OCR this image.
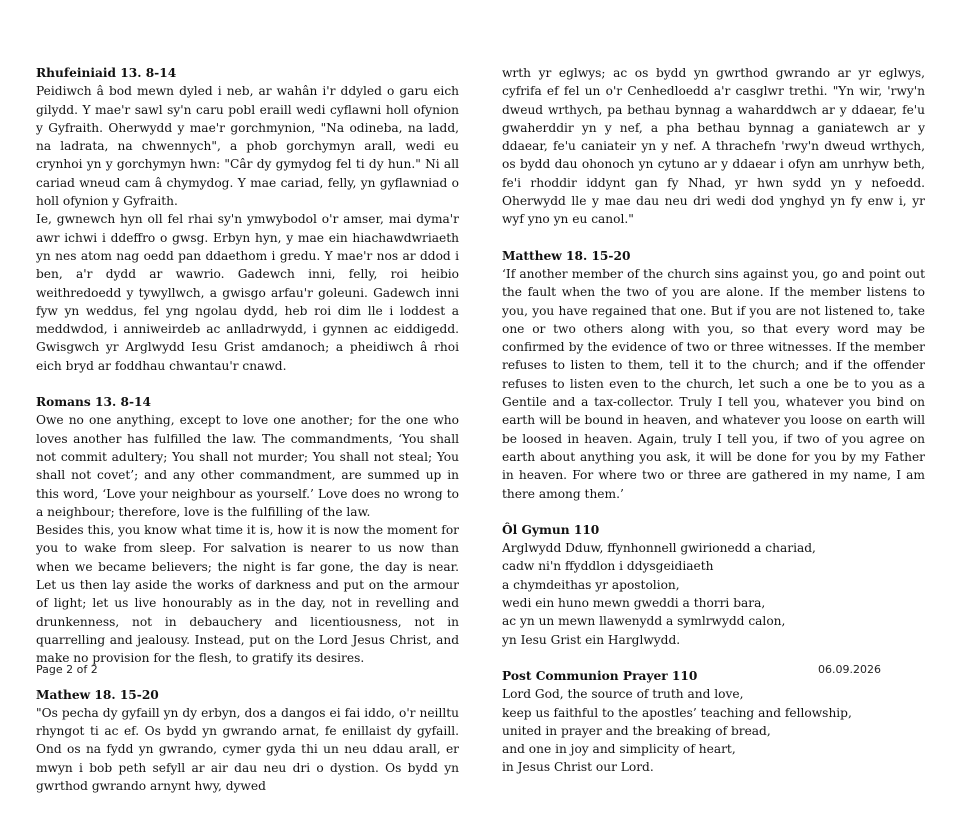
Rhufeiniaid 13. 8-14

Peidiwch â bod mewn dyled i neb, ar wahân i'r ddyled o garu eich gilydd. Y mae'r sawl sy'n caru pobl eraill wedi cyflawni holl ofynion y Gyfraith. Oherwydd y mae'r gorchmynion, "Na odineba, na ladd, na ladrata, na chwennych", a phob gorchymyn arall, wedi eu crynhoi yn y gorchymyn hwn: "Câr dy gymydog fel ti dy hun." Ni all cariad wneud cam â chymydog. Y mae cariad, felly, yn gyflawniad o holl ofynion y Gyfraith.

Ie, gwnewch hyn oll fel rhai sy'n ymwybodol o'r amser, mai dyma'r awr ichwi i ddeffro o gwsg. Erbyn hyn, y mae ein hiachawdwriaeth yn nes atom nag oedd pan ddaethom i gredu. Y mae'r nos ar ddod i ben, a'r dydd ar wawrio. Gadewch inni, felly, roi heibio weithredoedd y tywyllwch, a gwisgo arfau'r goleuni. Gadewch inni fyw yn weddus, fel yng ngolau dydd, heb roi dim lle i loddest a meddwdod, i anniweirdeb ac anlladrwydd, i gynnen ac eiddigedd. Gwisgwch yr Arglwydd Iesu Grist amdanoch; a pheidiwch â rhoi eich bryd ar foddhau chwantau'r cnawd.

Romans 13. 8-14

Owe no one anything, except to love one another; for the one who loves another has fulfilled the law. The commandments, ‘You shall not commit adultery; You shall not murder; You shall not steal; You shall not covet’; and any other commandment, are summed up in this word, ‘Love your neighbour as yourself.’ Love does no wrong to a neighbour; therefore, love is the fulfilling of the law.

Besides this, you know what time it is, how it is now the moment for you to wake from sleep. For salvation is nearer to us now than when we became believers; the night is far gone, the day is near. Let us then lay aside the works of darkness and put on the armour of light; let us live honourably as in the day, not in revelling and drunkenness, not in debauchery and licentiousness, not in quarrelling and jealousy. Instead, put on the Lord Jesus Christ, and make no provision for the flesh, to gratify its desires.

Mathew 18. 15-20

"Os pecha dy gyfaill yn dy erbyn, dos a dangos ei fai iddo, o'r neilltu rhyngot ti ac ef. Os bydd yn gwrando arnat, fe enillaist dy gyfaill. Ond os na fydd yn gwrando, cymer gyda thi un neu ddau arall, er mwyn i bob peth sefyll ar air dau neu dri o dystion. Os bydd yn gwrthod gwrando arnynt hwy, dywed

wrth yr eglwys; ac os bydd yn gwrthod gwrando ar yr eglwys, cyfrifa ef fel un o'r Cenhedloedd a'r casglwr trethi. "Yn wir, 'rwy'n dweud wrthych, pa bethau bynnag a waharddwch ar y ddaear, fe'u gwaherddir yn y nef, a pha bethau bynnag a ganiatewch ar y ddaear, fe'u caniateir yn y nef. A thrachefn 'rwy'n dweud wrthych, os bydd dau ohonoch yn cytuno ar y ddaear i ofyn am unrhyw beth, fe'i rhoddir iddynt gan fy Nhad, yr hwn sydd yn y nefoedd. Oherwydd lle y mae dau neu dri wedi dod ynghyd yn fy enw i, yr wyf yno yn eu canol."

Matthew 18. 15-20

‘If another member of the church sins against you, go and point out the fault when the two of you are alone. If the member listens to you, you have regained that one. But if you are not listened to, take one or two others along with you, so that every word may be confirmed by the evidence of two or three witnesses. If the member refuses to listen to them, tell it to the church; and if the offender refuses to listen even to the church, let such a one be to you as a Gentile and a tax-collector. Truly I tell you, whatever you bind on earth will be bound in heaven, and whatever you loose on earth will be loosed in heaven. Again, truly I tell you, if two of you agree on earth about anything you ask, it will be done for you by my Father in heaven. For where two or three are gathered in my name, I am there among them.’

Ôl Gymun 110

Arglwydd Dduw, ffynhonnell gwirionedd a chariad,
cadw ni'n ffyddlon i ddysgeidiaeth
a chymdeithas yr apostolion,
wedi ein huno mewn gweddi a thorri bara,
ac yn un mewn llawenydd a symlrwydd calon,
yn Iesu Grist ein Harglwydd.

Post Communion Prayer 110

Lord God, the source of truth and love,
keep us faithful to the apostles’ teaching and fellowship,
united in prayer and the breaking of bread,
and one in joy and simplicity of heart,
in Jesus Christ our Lord.
Page 2 of 2	06.09.2026
